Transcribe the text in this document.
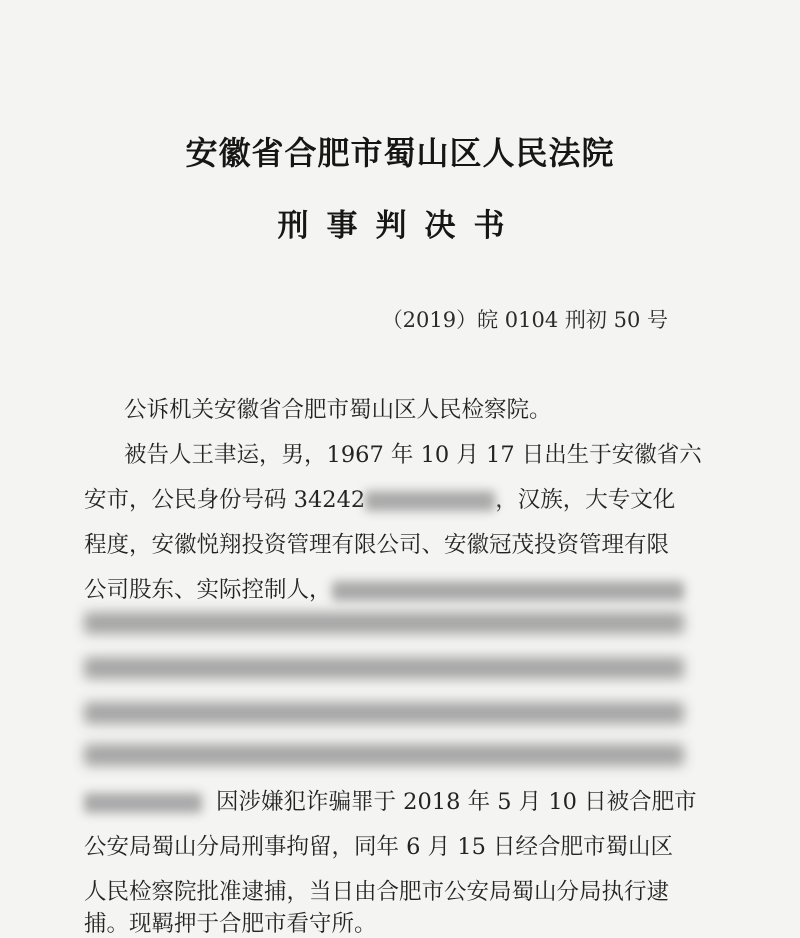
安徽省合肥市蜀山区人民法院
刑事判决书
（2019）皖 0104 刑初 50 号
公诉机关安徽省合肥市蜀山区人民检察院。
被告人王聿运，男，1967 年 10 月 17 日出生于安徽省六
安市，公民身份号码 34242	，汉族，大专文化
程度，安徽悦翔投资管理有限公司、安徽冠茂投资管理有限
公司股东、实际控制人，
因涉嫌犯诈骗罪于 2018 年 5 月 10 日被合肥市
公安局蜀山分局刑事拘留，同年 6 月 15 日经合肥市蜀山区
人民检察院批准逮捕，当日由合肥市公安局蜀山分局执行逮
捕。现羁押于合肥市看守所。
